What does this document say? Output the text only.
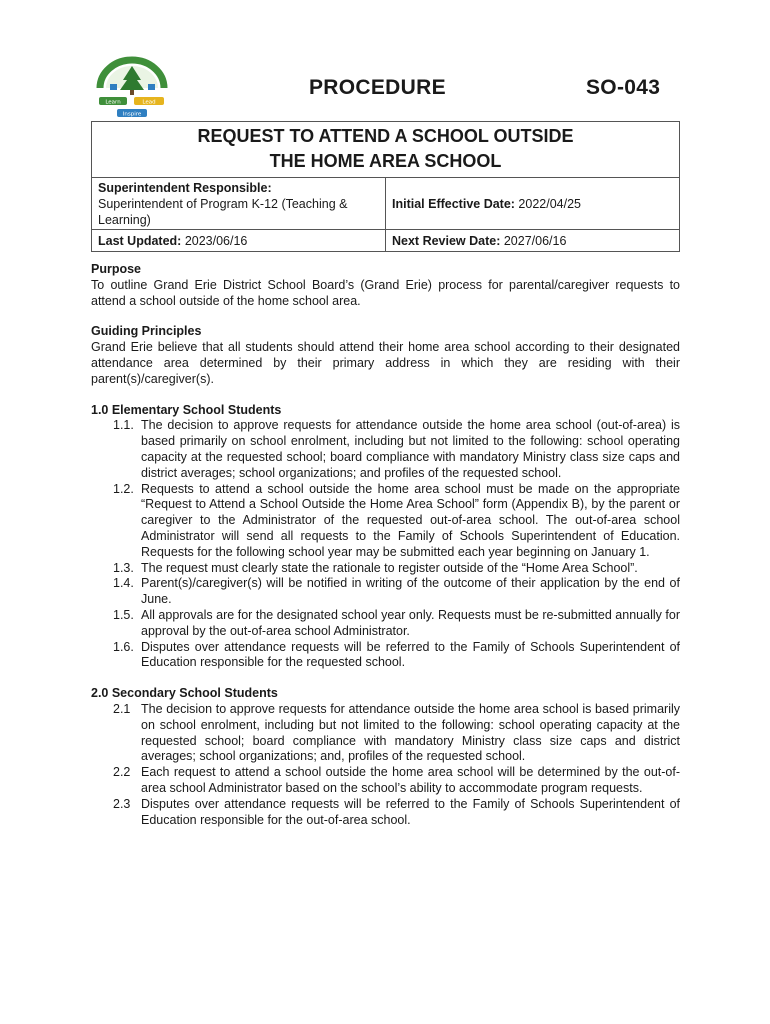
Learn	Lead
Inspire
PROCEDURE	SO-043
REQUEST TO ATTEND A SCHOOL OUTSIDE
THE HOME AREA SCHOOL	

Superintendent Responsible:
Superintendent of Program K-12 (Teaching & Learning)	Initial Effective Date: 2022/04/25
Last Updated: 2023/06/16	Next Review Date: 2027/06/16
Purpose
To outline Grand Erie District School Board’s (Grand Erie) process for parental/caregiver requests to attend a school outside of the home school area.
Guiding Principles
Grand Erie believe that all students should attend their home area school according to their designated attendance area determined by their primary address in which they are residing with their parent(s)/caregiver(s).
1.0 Elementary School Students
1.1. The decision to approve requests for attendance outside the home area school (out-of-area) is based primarily on school enrolment, including but not limited to the following: school operating capacity at the requested school; board compliance with mandatory Ministry class size caps and district averages; school organizations; and profiles of the requested school.
1.2. Requests to attend a school outside the home area school must be made on the appropriate “Request to Attend a School Outside the Home Area School” form (Appendix B), by the parent or caregiver to the Administrator of the requested out-of-area school. The out-of-area school Administrator will send all requests to the Family of Schools Superintendent of Education. Requests for the following school year may be submitted each year beginning on January 1.
1.3. The request must clearly state the rationale to register outside of the “Home Area School”.
1.4. Parent(s)/caregiver(s) will be notified in writing of the outcome of their application by the end of June.
1.5. All approvals are for the designated school year only. Requests must be re-submitted annually for approval by the out-of-area school Administrator.
1.6. Disputes over attendance requests will be referred to the Family of Schools Superintendent of Education responsible for the requested school.
2.0 Secondary School Students
2.1 The decision to approve requests for attendance outside the home area school is based primarily on school enrolment, including but not limited to the following: school operating capacity at the requested school; board compliance with mandatory Ministry class size caps and district averages; school organizations; and, profiles of the requested school.
2.2 Each request to attend a school outside the home area school will be determined by the out-of-area school Administrator based on the school’s ability to accommodate program requests.
2.3 Disputes over attendance requests will be referred to the Family of Schools Superintendent of Education responsible for the out-of-area school.
